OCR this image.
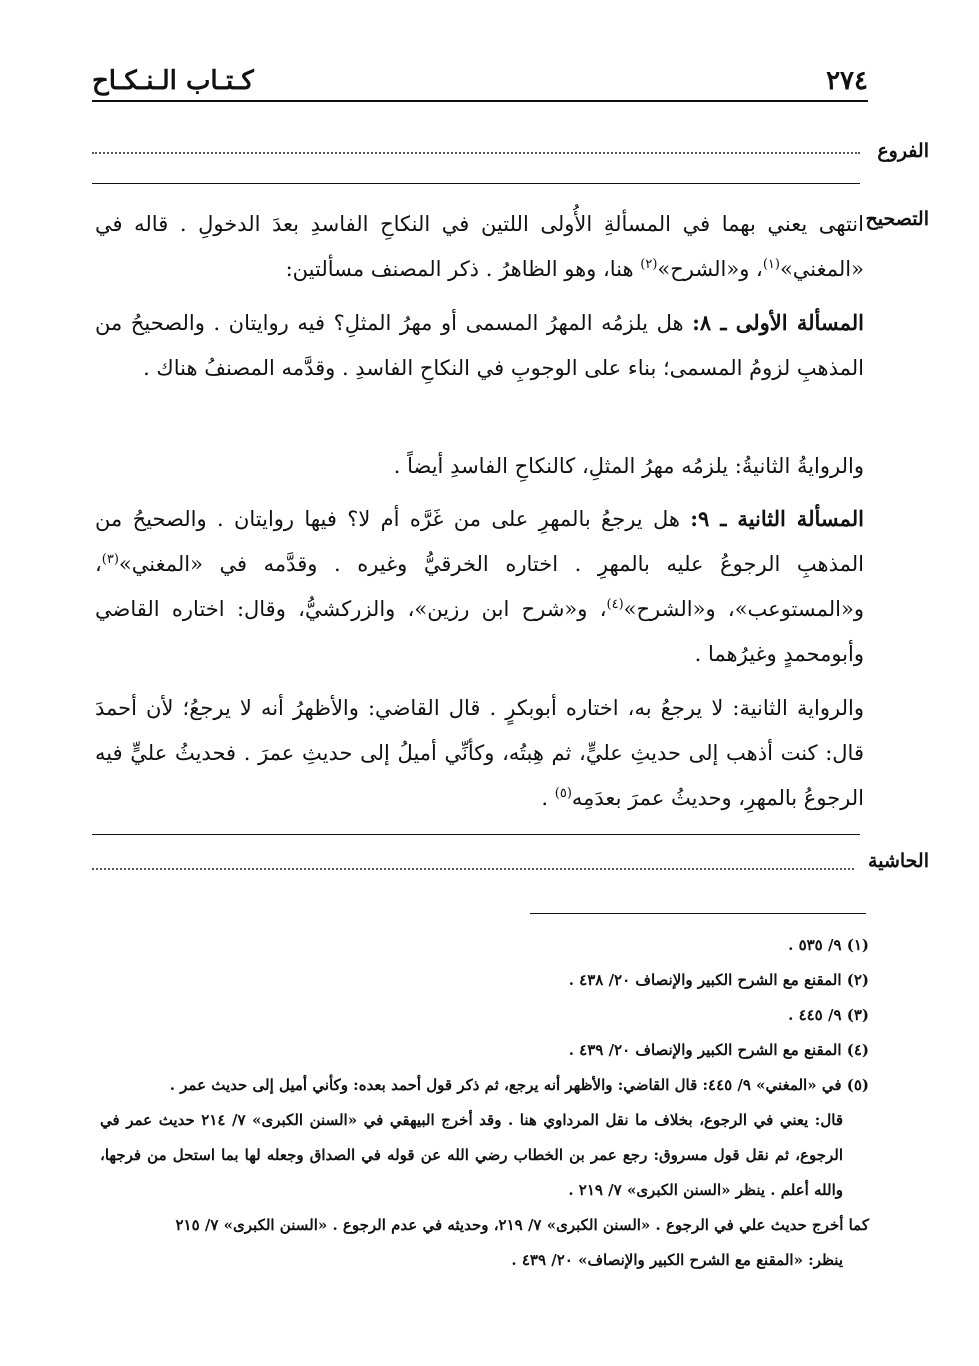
٢٧٤
كـتـاب الـنـكـاح
الفروع
التصحيح
انتهى يعني بهما في المسألةِ الأُولى اللتين في النكاحِ الفاسدِ بعدَ الدخولِ . قاله في «المغني»$^{(١)}$، و«الشرح»$^{(٢)}$ هنا، وهو الظاهرُ . ذكر المصنف مسألتين:
المسألة الأولى ـ ٨: هل يلزمُه المهرُ المسمى أو مهرُ المثلِ؟ فيه روايتان . والصحيحُ من المذهبِ لزومُ المسمى؛ بناء على الوجوبِ في النكاحِ الفاسدِ . وقدَّمه المصنفُ هناك .
والروايةُ الثانيةُ: يلزمُه مهرُ المثلِ، كالنكاحِ الفاسدِ أيضاً .
المسألة الثانية ـ ٩: هل يرجعُ بالمهرِ على من غَرَّه أم لا؟ فيها روايتان . والصحيحُ من المذهبِ الرجوعُ عليه بالمهرِ . اختاره الخرقيُّ وغيره . وقدَّمه في «المغني»$^{(٣)}$، و«المستوعب»، و«الشرح»$^{(٤)}$، و«شرح ابن رزين»، والزركشيُّ، وقال: اختاره القاضي وأبومحمدٍ وغيرُهما .
والرواية الثانية: لا يرجعُ به، اختاره أبوبكرٍ . قال القاضي: والأظهرُ أنه لا يرجعُ؛ لأن أحمدَ قال: كنت أذهب إلى حديثِ عليٍّ، ثم هِبتُه، وكأنِّي أميلُ إلى حديثِ عمرَ . فحديثُ عليٍّ فيه الرجوعُ بالمهرِ، وحديثُ عمرَ بعدَمِه$^{(٥)}$ .
الحاشية

(١) ٩/ ٥٣٥ .

(٢) المقنع مع الشرح الكبير والإنصاف ٢٠/ ٤٣٨ .

(٣) ٩/ ٤٤٥ .

(٤) المقنع مع الشرح الكبير والإنصاف ٢٠/ ٤٣٩ .

(٥) في «المغني» ٩/ ٤٤٥: قال القاضي: والأظهر أنه يرجع، ثم ذكر قول أحمد بعده: وكأني أميل إلى حديث عمر .

قال: يعني في الرجوع، بخلاف ما نقل المرداوي هنا . وقد أخرج البيهقي في «السنن الكبرى» ٧/ ٢١٤ حديث عمر في الرجوع، ثم نقل قول مسروق: رجع عمر بن الخطاب رضي الله عن قوله في الصداق وجعله لها بما استحل من فرجها، والله أعلم . ينظر «السنن الكبرى» ٧/ ٢١٩ .

كما أخرج حديث علي في الرجوع . «السنن الكبرى» ٧/ ٢١٩، وحديثه في عدم الرجوع . «السنن الكبرى» ٧/ ٢١٥

ينظر: «المقنع مع الشرح الكبير والإنصاف» ٢٠/ ٤٣٩ .
